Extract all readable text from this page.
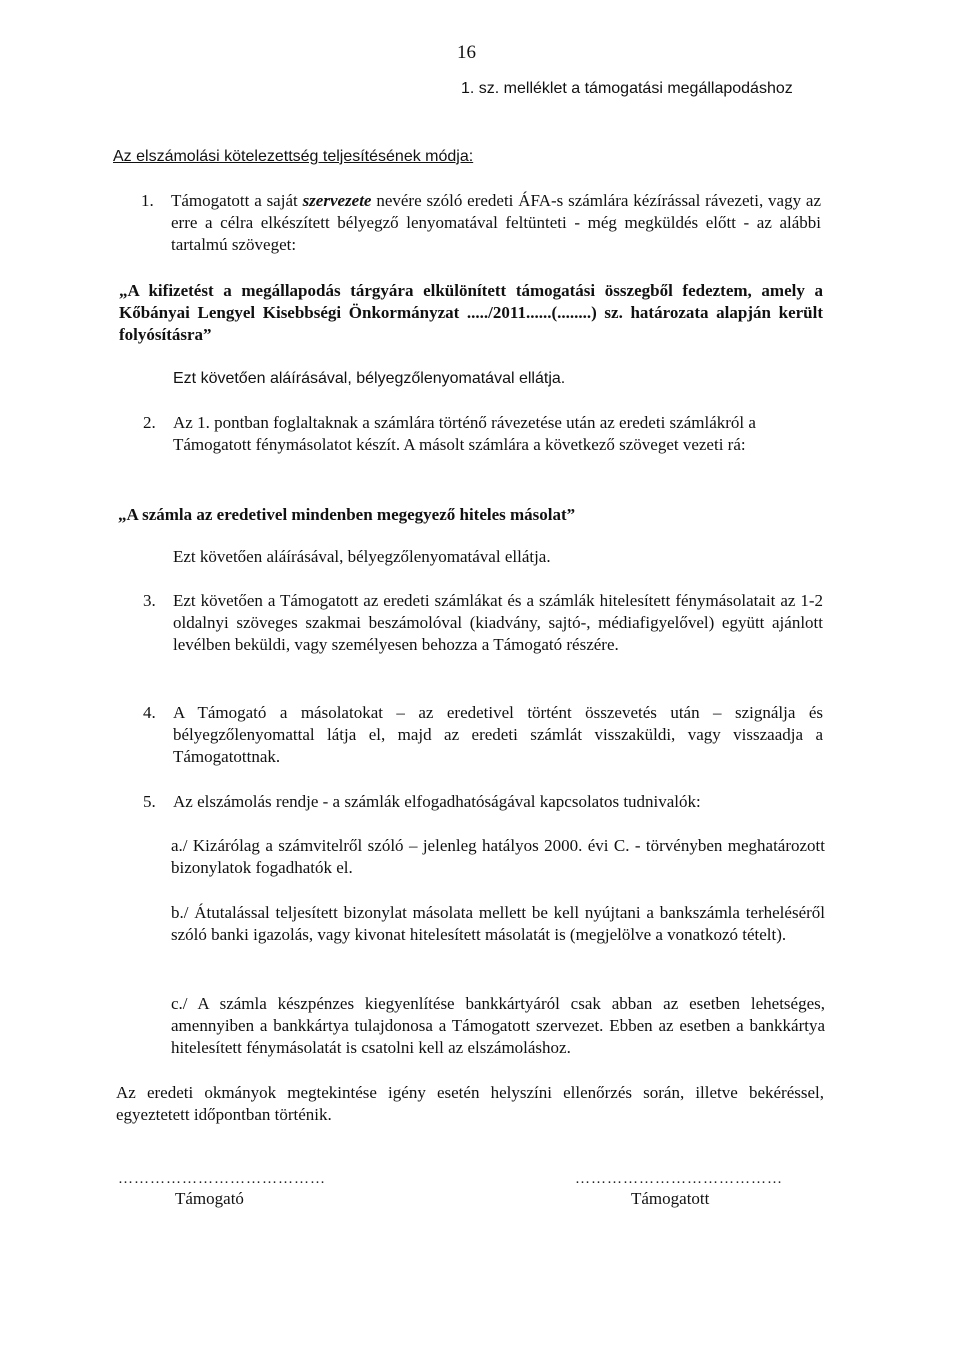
16
1. sz. melléklet a támogatási megállapodáshoz
Az elszámolási kötelezettség teljesítésének módja:
1.	Támogatott a saját szervezete nevére szóló eredeti ÁFA-s számlára kézírással rávezeti, vagy az erre a célra elkészített bélyegző lenyomatával feltünteti - még megküldés előtt - az alábbi tartalmú szöveget:

„A kifizetést a megállapodás tárgyára elkülönített támogatási összegből fedeztem, amely a Kőbányai Lengyel Kisebbségi Önkormányzat ...../2011......(........) sz. határozata alapján került folyósításra”

Ezt követően aláírásával, bélyegzőlenyomatával ellátja.

2.	Az 1. pontban foglaltaknak a számlára történő rávezetése után az eredeti számlákról a Támogatott fénymásolatot készít. A másolt számlára a következő szöveget vezeti rá:

„A számla az eredetivel mindenben megegyező hiteles másolat”

Ezt követően aláírásával, bélyegzőlenyomatával ellátja.

3.	Ezt követően a Támogatott az eredeti számlákat és a számlák hitelesített fénymásolatait az 1-2 oldalnyi szöveges szakmai beszámolóval (kiadvány, sajtó-, médiafigyelővel) együtt ajánlott levélben beküldi, vagy személyesen behozza a Támogató részére.

4.	A Támogató a másolatokat – az eredetivel történt összevetés után – szignálja és bélyegzőlenyomattal látja el, majd az eredeti számlát visszaküldi, vagy visszaadja a Támogatottnak.

5.	Az elszámolás rendje - a számlák elfogadhatóságával kapcsolatos tudnivalók:

a./ Kizárólag a számvitelről szóló – jelenleg hatályos 2000. évi C. - törvényben meghatározott bizonylatok fogadhatók el.

b./ Átutalással teljesített bizonylat másolata mellett be kell nyújtani a bankszámla terheléséről szóló banki igazolás, vagy kivonat hitelesített másolatát is (megjelölve a vonatkozó tételt).

c./ A számla készpénzes kiegyenlítése bankkártyáról csak abban az esetben lehetséges, amennyiben a bankkártya tulajdonosa a Támogatott szervezet. Ebben az esetben a bankkártya hitelesített fénymásolatát is csatolni kell az elszámoláshoz.

Az eredeti okmányok megtekintése igény esetén helyszíni ellenőrzés során, illetve bekéréssel, egyeztetett időpontban történik.

…………………………………
Támogató
…………………………………
Támogatott
